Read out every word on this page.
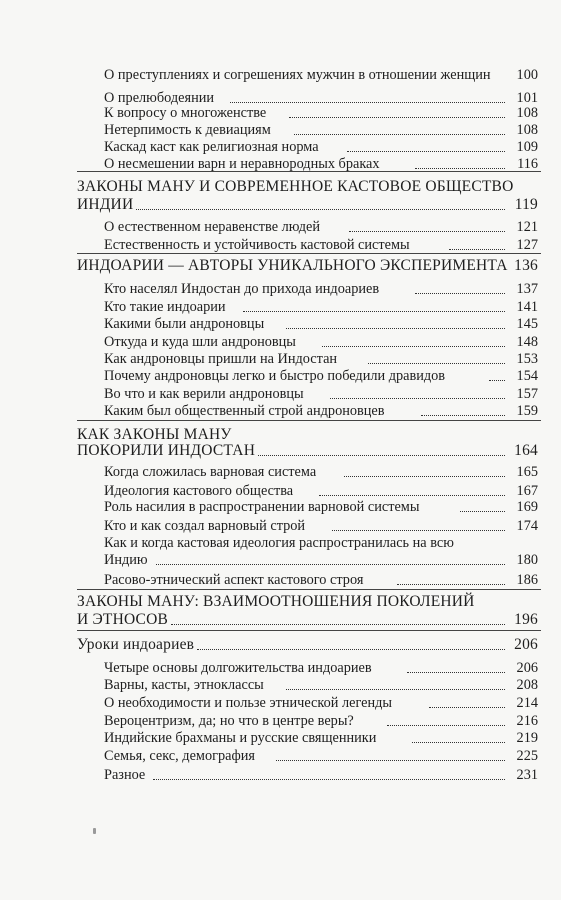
О преступлениях и согрешениях мужчин в отношении женщин 100
О прелюбодеянии	101
К вопросу о многоженстве	108
Нетерпимость к девиациям	108
Каскад каст как религиозная норма	109
О несмешении варн и неравнородных браках	116
ЗАКОНЫ МАНУ И СОВРЕМЕННОЕ КАСТОВОЕ ОБЩЕСТВО
ИНДИИ	119
О естественном неравенстве людей	121
Естественность и устойчивость кастовой системы	127
ИНДОАРИИ — АВТОРЫ УНИКАЛЬНОГО ЭКСПЕРИМЕНТА 136
Кто населял Индостан до прихода индоариев	137
Кто такие индоарии	141
Какими были андроновцы	145
Откуда и куда шли андроновцы	148
Как андроновцы пришли на Индостан	153
Почему андроновцы легко и быстро победили дравидов	154
Во что и как верили андроновцы	157
Каким был общественный строй андроновцев	159
КАК ЗАКОНЫ МАНУ
ПОКОРИЛИ ИНДОСТАН	164
Когда сложилась варновая система	165
Идеология кастового общества	167
Роль насилия в распространении варновой системы	169
Кто и как создал варновый строй	174
Как и когда кастовая идеология распространилась на всю
Индию	180
Расово-этнический аспект кастового строя	186
ЗАКОНЫ МАНУ: ВЗАИМООТНОШЕНИЯ ПОКОЛЕНИЙ
И ЭТНОСОВ	196
Уроки индоариев	206
Четыре основы долгожительства индоариев	206
Варны, касты, этноклассы	208
О необходимости и пользе этнической легенды	214
Вероцентризм, да; но что в центре веры?	216
Индийские брахманы и русские священники	219
Семья, секс, демография	225
Разное	231
